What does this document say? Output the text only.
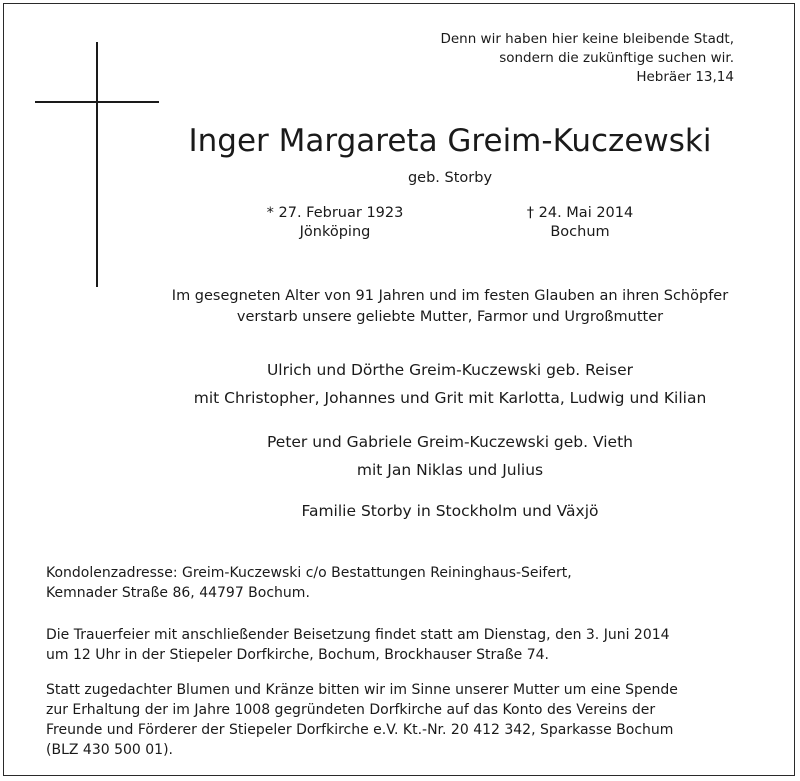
Denn wir haben hier keine bleibende Stadt,
sondern die zukünftige suchen wir.
Hebräer 13,14
Inger Margareta Greim-Kuczewski
geb. Storby
* 27. Februar 1923
Jönköping
† 24. Mai 2014
Bochum
Im gesegneten Alter von 91 Jahren und im festen Glauben an ihren Schöpfer
verstarb unsere geliebte Mutter, Farmor und Urgroßmutter
Ulrich und Dörthe Greim-Kuczewski geb. Reiser
mit Christopher, Johannes und Grit mit Karlotta, Ludwig und Kilian
Peter und Gabriele Greim-Kuczewski geb. Vieth
mit Jan Niklas und Julius
Familie Storby in Stockholm und Växjö
Kondolenzadresse: Greim-Kuczewski c/o Bestattungen Reininghaus-Seifert,
Kemnader Straße 86, 44797 Bochum.
Die Trauerfeier mit anschließender Beisetzung findet statt am Dienstag, den 3. Juni 2014
um 12 Uhr in der Stiepeler Dorfkirche, Bochum, Brockhauser Straße 74.
Statt zugedachter Blumen und Kränze bitten wir im Sinne unserer Mutter um eine Spende
zur Erhaltung der im Jahre 1008 gegründeten Dorfkirche auf das Konto des Vereins der
Freunde und Förderer der Stiepeler Dorfkirche e.V. Kt.-Nr. 20 412 342, Sparkasse Bochum
(BLZ 430 500 01).
